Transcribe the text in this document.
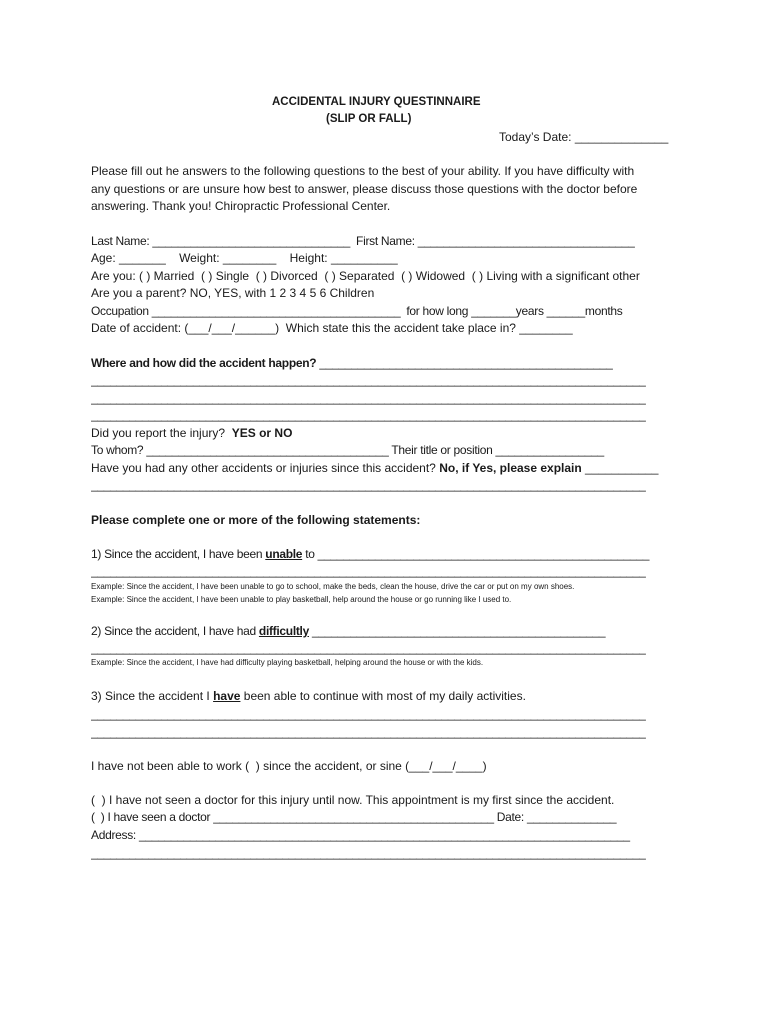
ACCIDENTAL INJURY QUESTINNAIRE
(SLIP OR FALL)
Today’s Date: ______________
Please fill out he answers to the following questions to the best of your ability. If you have difficulty with
any questions or are unsure how best to answer, please discuss those questions with the doctor before
answering. Thank you! Chiropractic Professional Center.
Last Name: _______________________________  First Name: __________________________________
Age: _______    Weight: ________    Height: __________
Are you: ( ) Married  ( ) Single  ( ) Divorced  ( ) Separated  ( ) Widowed  ( ) Living with a significant other
Are you a parent? NO, YES, with 1 2 3 4 5 6 Children
Occupation _______________________________________  for how long _______years ______months
Date of accident: (___/___/______)  Which state this the accident take place in? ________
Where and how did the accident happen? ______________________________________________
_______________________________________________________________________________________
_______________________________________________________________________________________
_______________________________________________________________________________________
Did you report the injury?  YES or NO
To whom? ______________________________________ Their title or position _________________
Have you had any other accidents or injuries since this accident? No, if Yes, please explain ___________
_______________________________________________________________________________________
Please complete one or more of the following statements:
1) Since the accident, I have been unable to ____________________________________________________
_______________________________________________________________________________________
Example: Since the accident, I have been unable to go to school, make the beds, clean the house, drive the car or put on my own shoes.
Example: Since the accident, I have been unable to play basketball, help around the house or go running like I used to.
2) Since the accident, I have had difficultly ______________________________________________
_______________________________________________________________________________________
Example: Since the accident, I have had difficulty playing basketball, helping around the house or with the kids.
3) Since the accident I have been able to continue with most of my daily activities.
_______________________________________________________________________________________
_______________________________________________________________________________________
I have not been able to work (  ) since the accident, or sine (___/___/____)
(  ) I have not seen a doctor for this injury until now. This appointment is my first since the accident.
(  ) I have seen a doctor ____________________________________________ Date: ______________
Address: _____________________________________________________________________________
_______________________________________________________________________________________
